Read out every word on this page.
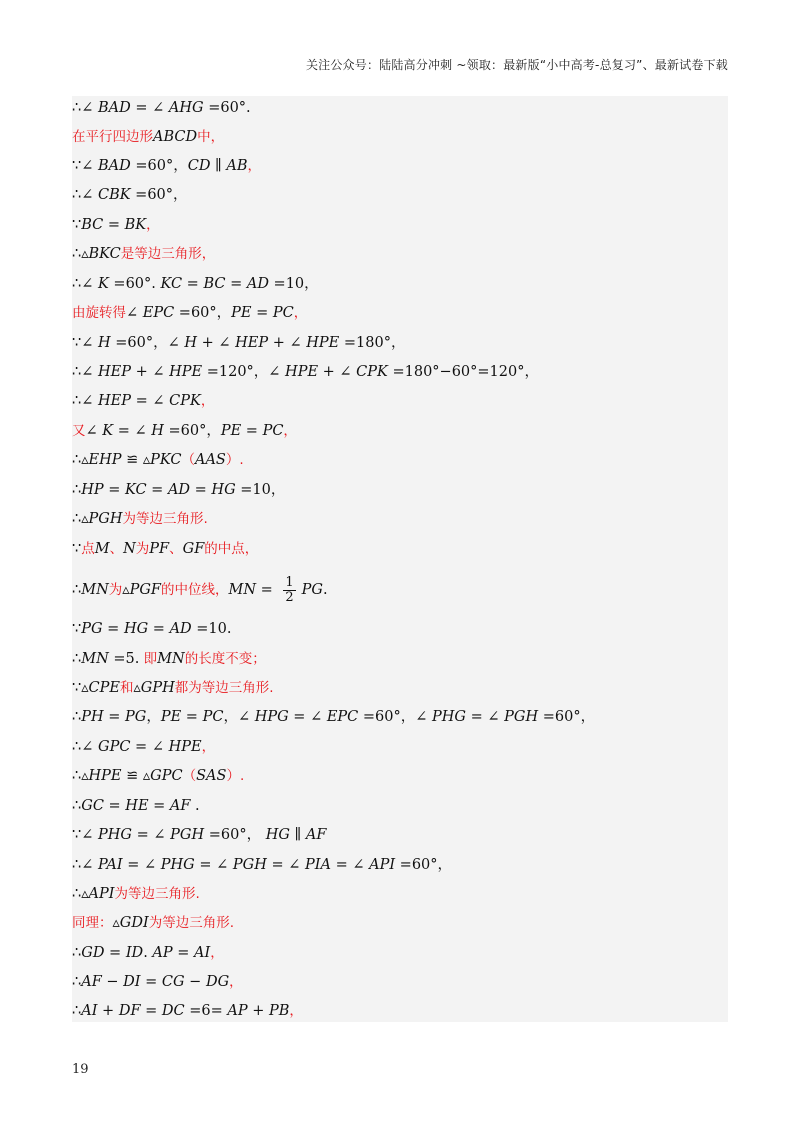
关注公众号：陆陆高分冲刺 ~领取：最新版“小中高考-总复习”、最新试卷下载
∴∠ BAD = ∠ AHG =60°.
在平行四边形ABCD中，
∵∠ BAD =60°，CD ∥ AB，
∴∠ CBK =60°，
∵BC = BK，
∴▵BKC是等边三角形，
∴∠ K =60°. KC = BC = AD =10，
由旋转得∠ EPC =60°，PE = PC，
∵∠ H =60°，∠ H + ∠ HEP + ∠ HPE =180°，
∴∠ HEP + ∠ HPE =120°，∠ HPE + ∠ CPK =180°−60°=120°，
∴∠ HEP = ∠ CPK，
又∠ K = ∠ H =60°，PE = PC，
∴▵EHP ≌ ▵PKC（AAS）.
∴HP = KC = AD = HG =10，
∴▵PGH为等边三角形.
∵点M、N为PF、GF的中点，
∴MN为▵PGF的中位线，MN = $\frac{1}{2}$ PG.
∵PG = HG = AD =10.
∴MN =5. 即MN的长度不变；
∵▵CPE和▵GPH都为等边三角形.
∴PH = PG，PE = PC，∠ HPG = ∠ EPC =60°，∠ PHG = ∠ PGH =60°，
∴∠ GPC = ∠ HPE，
∴▵HPE ≌ ▵GPC（SAS）.
∴GC = HE = AF .
∵∠ PHG = ∠ PGH =60°， HG ∥ AF
∴∠ PAI = ∠ PHG = ∠ PGH = ∠ PIA = ∠ API =60°，
∴▵API为等边三角形.
同理：▵GDI为等边三角形.
∴GD = ID. AP = AI，
∴AF − DI = CG − DG，
∴AI + DF = DC =6= AP + PB，
19
